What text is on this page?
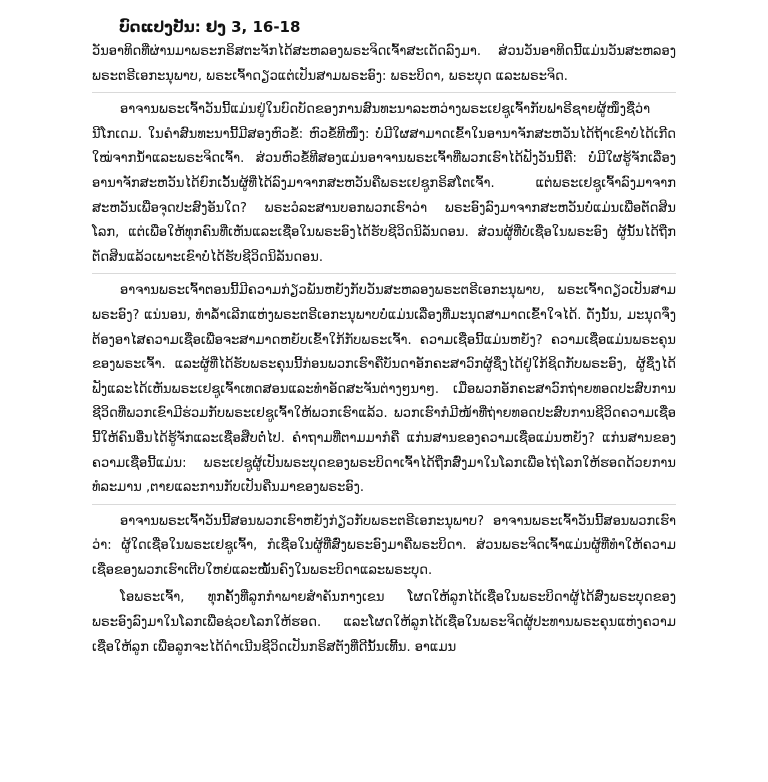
ບົດແປງປັນ: ຢງ 3, 16-18

ວັນອາທິດທີ່ຜ່ານມາພຣະກຣິສຕະຈັກໄດ້ສະຫລອງພຣະຈິດເຈົ້າສະເດັດລົງມາ. ສ່ວນວັນອາທິດນີ້ແມ່ນວັນສະຫລອງພຣະຕຣີເອກະນຸພາບ, ພຣະເຈົ້າດຽວແຕ່ເປັນສາມພຣະອົງ: ພຣະບິດາ, ພຣະບຸດ ແລະພຣະຈິດ.

ອາຈານພຣະເຈົ້າວັນນີ້ແມ່ນຢູ່ໃນບົດບັດຂອງການສົນທະນາລະຫວ່າງພຣະເຢຊູເຈົ້າກັບຟາຣີຊາຍຜູ້ໜຶ່ງຊື່ວ່ານີໂກເດມ. ໃນຄຳສົນທະນານີ້ມີສອງຫົວຂໍ້: ຫົວຂໍ້ທີໜຶ່ງ: ບໍ່ມີໃຜສາມາດເຂົ້າໃນອານາຈັກສະຫວັນໄດ້ຖ້າເຂົາບໍ່ໄດ້ເກີດໃໝ່ຈາກນ້ຳແລະພຣະຈິດເຈົ້າ. ສ່ວນຫົວຂໍ້ທີສອງແມ່ນອາຈານພຣະເຈົ້າທີ່ພວກເຮົາໄດ້ຟັງວັນນີ້ຄື: ບໍ່ມີໃຜຮູ້ຈັກເລື່ອງອານາຈັກສະຫວັນໄດ້ຍົກເວັ້ນຜູ້ທີ່ໄດ້ລົງມາຈາກສະຫວັນຄືພຣະເຢຊູກຣິສໂຕເຈົ້າ. ແຕ່ພຣະເຢຊູເຈົ້າລົງມາຈາກສະຫວັນເພື່ອຈຸດປະສົງອັນໃດ? ພຣະວໍລະສານບອກພວກເຮົາວ່າ ພຣະອົງລົງມາຈາກສະຫວັນບໍ່ແມ່ນເພື່ອຕັດສິນໂລກ, ແຕ່ເພື່ອໃຫ້ທຸກຄົນທີ່ເຫັນແລະເຊື່ອໃນພຣະອົງໄດ້ຮັບຊີວິດນິລັນດອນ. ສ່ວນຜູ້ທີ່ບໍ່ເຊື່ອໃນພຣະອົງ ຜູ້ນັ້ນໄດ້ຖືກຕັດສິນແລ້ວເພາະເຂົາບໍ່ໄດ້ຮັບຊີວິດນິລັນດອນ.

ອາຈານພຣະເຈົ້າຕອນນີ້ມີຄວາມກ່ຽວພັນຫຍັງກັບວັນສະຫລອງພຣະຕຣີເອກະນຸພາບ, ພຣະເຈົ້າດຽວເປັນສາມພຣະອົງ? ແນ່ນອນ, ທຳລ້ຳເລີກແຫ່ງພຣະຕຣີເອກະນຸພາບບໍ່ແມ່ນເລື່ອງທີ່ມະນຸດສາມາດເຂົ້າໃຈໄດ້. ດັ່ງນັ້ນ, ມະນຸດຈຶ່ງຕ້ອງອາໄສຄວາມເຊື່ອເພື່ອຈະສາມາດຫຍັບເຂົ້າໃກ້ກັບພຣະເຈົ້າ. ຄວາມເຊື່ອນີ້ແມ່ນຫຍັງ? ຄວາມເຊື່ອແມ່ນພຣະຄຸນຂອງພຣະເຈົ້າ. ແລະຜູ້ທີ່ໄດ້ຮັບພຣະຄຸນນີ້ກ່ອນພວກເຮົາຄືບັນດາອັກຄະສາວົກຜູ້ຊຶ່ງໄດ້ຢູ່ໃກ້ຊິດກັບພຣະອົງ, ຜູ້ຊຶ່ງໄດ້ຟັງແລະໄດ້ເຫັນພຣະເຢຊູເຈົ້າເທດສອນແລະທຳອັດສະຈັນຕ່າງໆນາໆ. ເມື່ອພວກອັກຄະສາວົກຖ່າຍທອດປະສົບການຊີວິດທີ່ພວກເຂົາມີຮ່ວມກັບພຣະເຢຊູເຈົ້າໃຫ້ພວກເຮົາແລ້ວ. ພວກເຮົາກໍມີໜ້າທີ່ຖ່າຍທອດປະສົບການຊີວິດຄວາມເຊື່ອນີ້ໃຫ້ຄົນອື່ນໄດ້ຮູ້ຈັກແລະເຊື່ອສືບຕໍ່ໄປ. ຄຳຖາມທີ່ຕາມມາກໍຄື ແກ່ນສານຂອງຄວາມເຊື່ອແມ່ນຫຍັງ? ແກ່ນສານຂອງຄວາມເຊື່ອນີ້ແມ່ນ: ພຣະເຢຊູຜູ້ເປັນພຣະບຸດຂອງພຣະບິດາເຈົ້າໄດ້ຖືກສົ່ງມາໃນໂລກເພື່ອໄຖ່ໂລກໃຫ້ຮອດດ້ວຍການທໍລະມານ ,ຕາຍແລະການກັບເປັນຄືນມາຂອງພຣະອົງ.

ອາຈານພຣະເຈົ້າວັນນີ້ສອນພວກເຮົາຫຍັງກ່ຽວກັບພຣະຕຣີເອກະນຸພາບ? ອາຈານພຣະເຈົ້າວັນນີ້ສອນພວກເຮົາວ່າ: ຜູ້ໃດເຊື່ອໃນພຣະເຢຊູເຈົ້າ, ກໍເຊື່ອໃນຜູ້ທີ່ສົ່ງພຣະອົງມາຄືພຣະບິດາ. ສ່ວນພຣະຈິດເຈົ້າແມ່ນຜູ້ທີ່ທຳໃຫ້ຄວາມເຊື່ອຂອງພວກເຮົາເຕີບໃຫຍ່ແລະໝັ້ນຄົງໃນພຣະບິດາແລະພຣະບຸດ.

ໂອພຣະເຈົ້າ, ທຸກຄັ້ງທີ່ລູກກຳພາຍສຳຄັນກາງເຂນ ໂຜດໃຫ້ລູກໄດ້ເຊື່ອໃນພຣະບິດາຜູ້ໄດ້ສົ່ງພຣະບຸດຂອງພຣະອົງລົງມາໃນໂລກເພື່ອຊ່ວຍໂລກໃຫ້ຮອດ. ແລະໂຜດໃຫ້ລູກໄດ້ເຊື່ອໃນພຣະຈິດຜູ້ປະທານພຣະຄຸນແຫ່ງຄວາມເຊື່ອໃຫ້ລູກ ເພື່ອລູກຈະໄດ້ດຳເນີນຊີວິດເປັນກຣິສຕັງທີ່ດີນັ້ນເທີ້ນ. ອາແມນ
